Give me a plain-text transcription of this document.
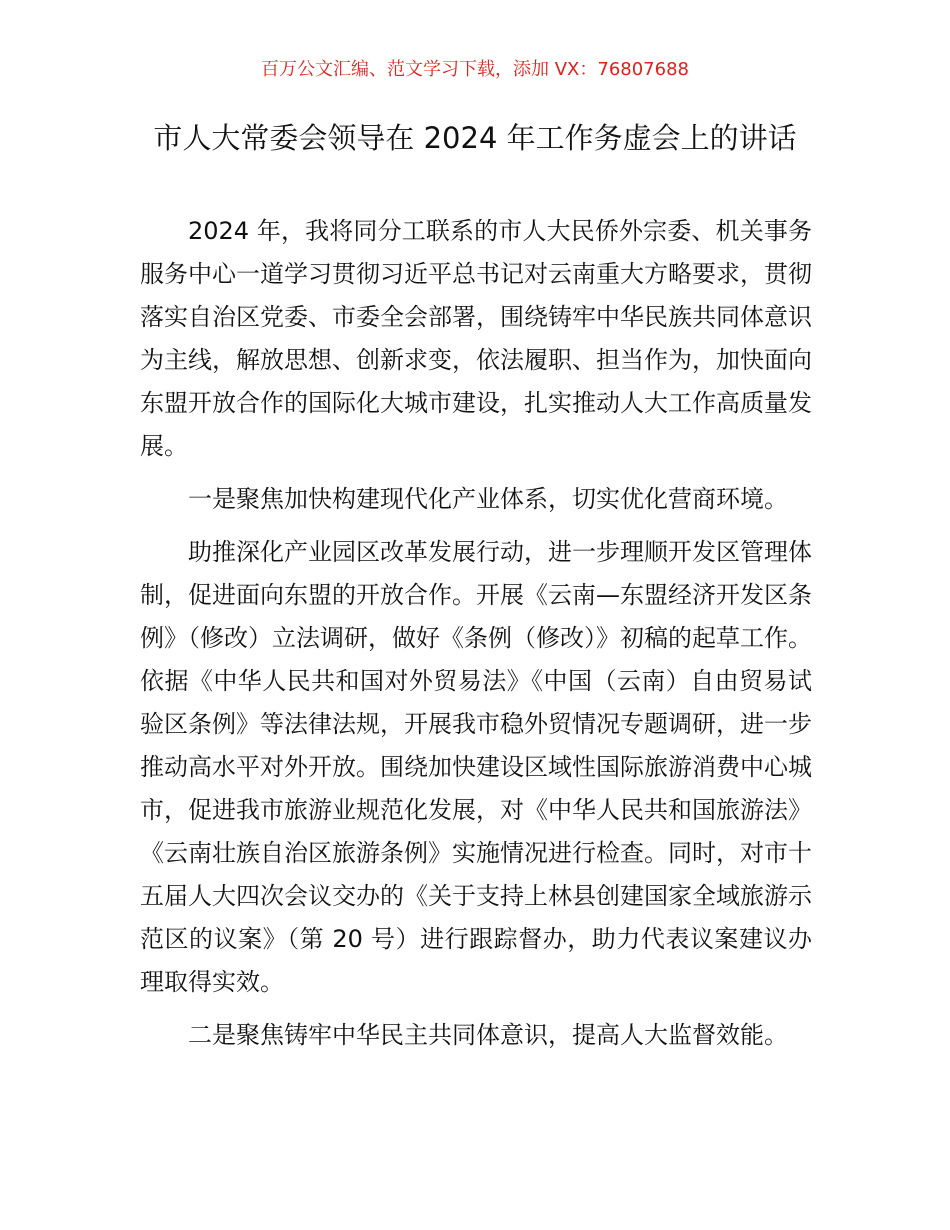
百万公文汇编、范文学习下载，添加 VX：76807688
市人大常委会领导在 2024 年工作务虚会上的讲话

2024 年，我将同分工联系的市人大民侨外宗委、机关事务服务中心一道学习贯彻习近平总书记对云南重大方略要求，贯彻落实自治区党委、市委全会部署，围绕铸牢中华民族共同体意识为主线，解放思想、创新求变，依法履职、担当作为，加快面向东盟开放合作的国际化大城市建设，扎实推动人大工作高质量发展。

一是聚焦加快构建现代化产业体系，切实优化营商环境。

助推深化产业园区改革发展行动，进一步理顺开发区管理体制，促进面向东盟的开放合作。开展《云南—东盟经济开发区条例》（修改）立法调研，做好《条例（修改）》初稿的起草工作。依据《中华人民共和国对外贸易法》《中国（云南）自由贸易试验区条例》等法律法规，开展我市稳外贸情况专题调研，进一步推动高水平对外开放。围绕加快建设区域性国际旅游消费中心城市，促进我市旅游业规范化发展，对《中华人民共和国旅游法》《云南壮族自治区旅游条例》实施情况进行检查。同时，对市十五届人大四次会议交办的《关于支持上林县创建国家全域旅游示范区的议案》（第 20 号）进行跟踪督办，助力代表议案建议办理取得实效。

二是聚焦铸牢中华民主共同体意识，提高人大监督效能。
